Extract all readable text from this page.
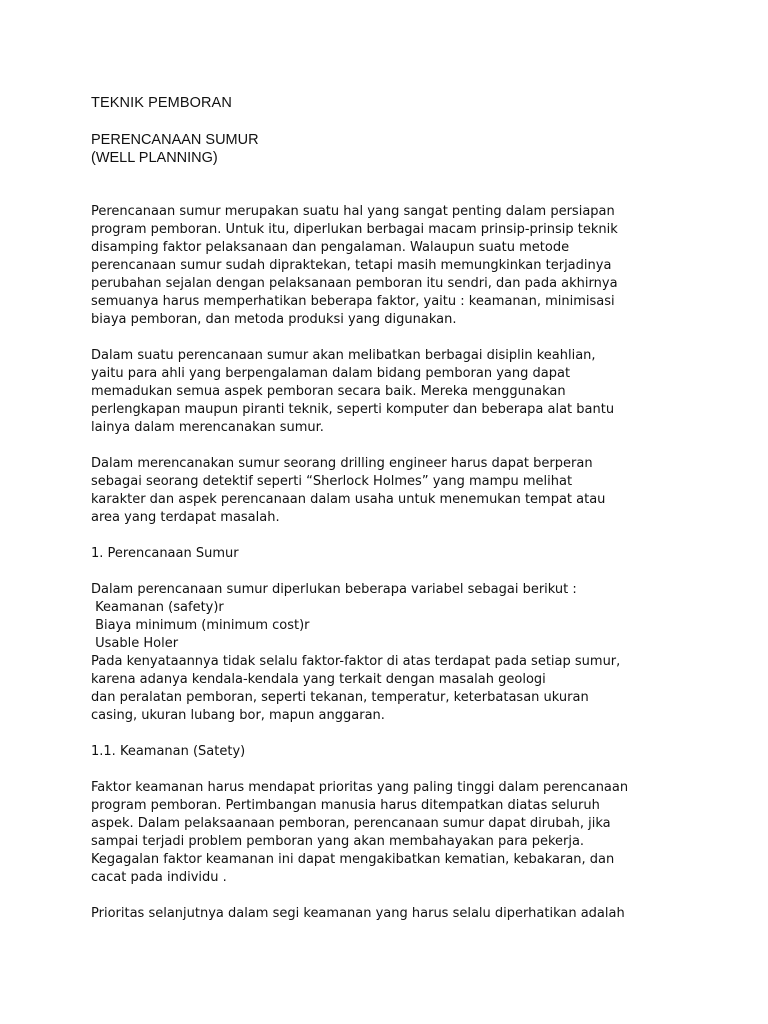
TEKNIK PEMBORAN
PERENCANAAN SUMUR
(WELL PLANNING)
Perencanaan sumur merupakan suatu hal yang sangat penting dalam persiapan
program pemboran. Untuk itu, diperlukan berbagai macam prinsip-prinsip teknik
disamping faktor pelaksanaan dan pengalaman. Walaupun suatu metode
perencanaan sumur sudah dipraktekan, tetapi masih memungkinkan terjadinya
perubahan sejalan dengan pelaksanaan pemboran itu sendri, dan pada akhirnya
semuanya harus memperhatikan beberapa faktor, yaitu : keamanan, minimisasi
biaya pemboran, dan metoda produksi yang digunakan.
Dalam suatu perencanaan sumur akan melibatkan berbagai disiplin keahlian,
yaitu para ahli yang berpengalaman dalam bidang pemboran yang dapat
memadukan semua aspek pemboran secara baik. Mereka menggunakan
perlengkapan maupun piranti teknik, seperti komputer dan beberapa alat bantu
lainya dalam merencanakan sumur.
Dalam merencanakan sumur seorang drilling engineer harus dapat berperan
sebagai seorang detektif seperti “Sherlock Holmes” yang mampu melihat
karakter dan aspek perencanaan dalam usaha untuk menemukan tempat atau
area yang terdapat masalah.
1. Perencanaan Sumur
Dalam perencanaan sumur diperlukan beberapa variabel sebagai berikut :
Keamanan (safety)r
Biaya minimum (minimum cost)r
Usable Holer
Pada kenyataannya tidak selalu faktor-faktor di atas terdapat pada setiap sumur,
karena adanya kendala-kendala yang terkait dengan masalah geologi
dan peralatan pemboran, seperti tekanan, temperatur, keterbatasan ukuran
casing, ukuran lubang bor, mapun anggaran.
1.1. Keamanan (Satety)
Faktor keamanan harus mendapat prioritas yang paling tinggi dalam perencanaan
program pemboran. Pertimbangan manusia harus ditempatkan diatas seluruh
aspek. Dalam pelaksaanaan pemboran, perencanaan sumur dapat dirubah, jika
sampai terjadi problem pemboran yang akan membahayakan para pekerja.
Kegagalan faktor keamanan ini dapat mengakibatkan kematian, kebakaran, dan
cacat pada individu .
Prioritas selanjutnya dalam segi keamanan yang harus selalu diperhatikan adalah
